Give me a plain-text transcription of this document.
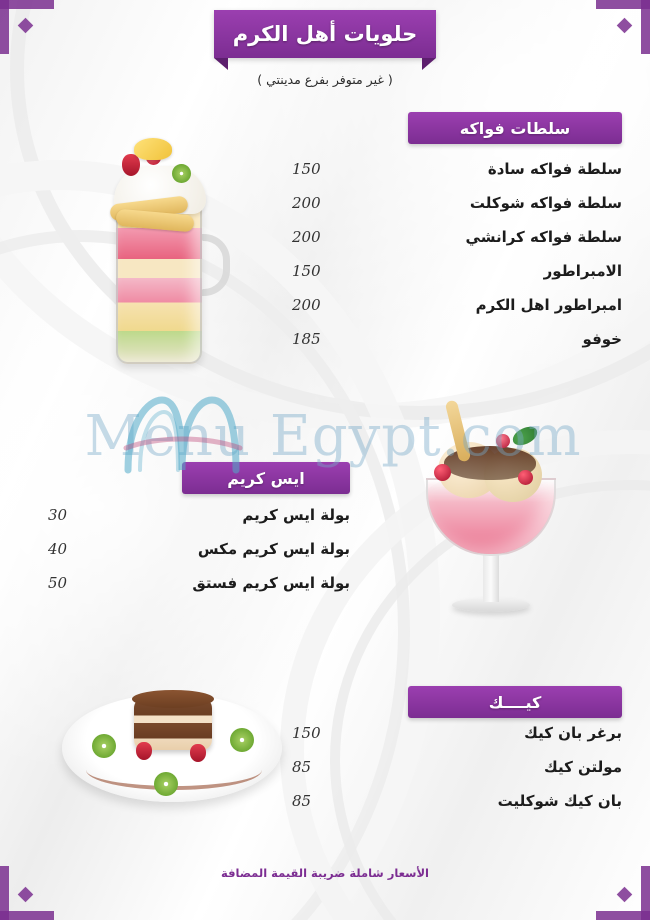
حلويات أهل الكرم
( غير متوفر بفرع مدينتي )
سلطات فواكه
سلطة فواكه سادة
150
سلطة فواكه شوكلت
200
سلطة فواكه كرانشي
200
الامبراطور
150
امبراطور اهل الكرم
200
خوفو
185
ايس كريم
بولة ايس كريم
30
بولة ايس كريم مكس
40
بولة ايس كريم فستق
50
كيــــك
برغر بان كيك
150
مولتن كيك
85
بان كيك شوكليت
85
Menu Egypt.com
الأسعار شاملة ضريبة القيمة المضافة
